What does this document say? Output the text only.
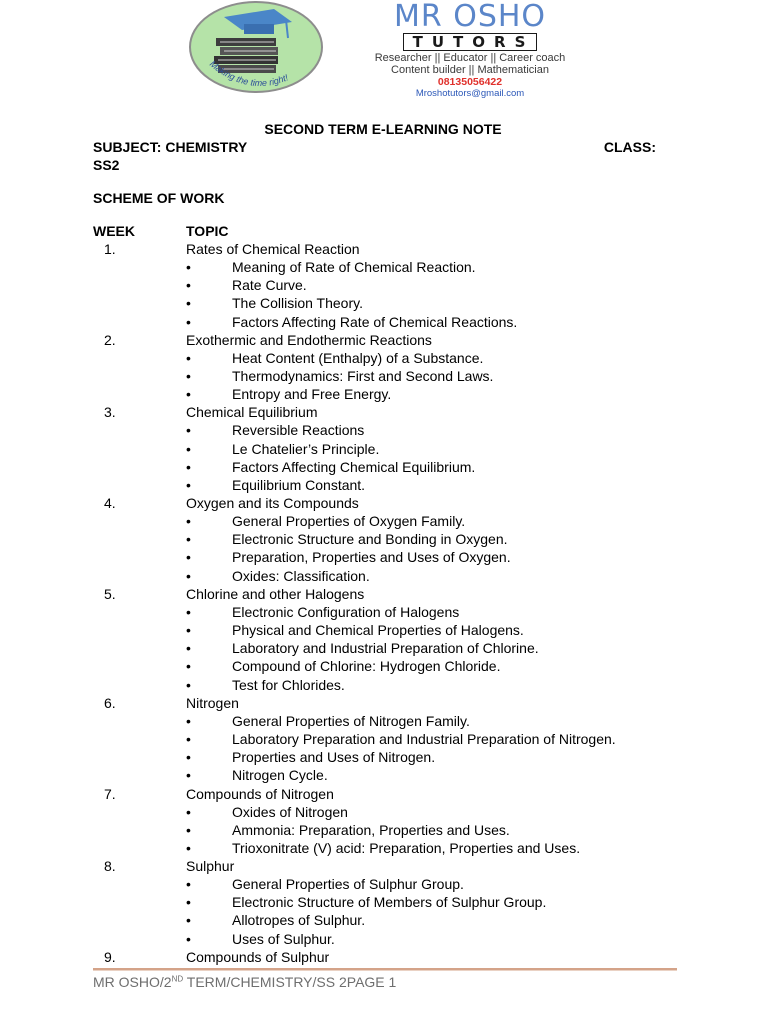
Making the time right!
MR OSHO
TUTORS
Researcher || Educator || Career coach
Content builder || Mathematician
08135056422
Mroshotutors@gmail.com
SECOND TERM E-LEARNING NOTE
SUBJECT: CHEMISTRY	CLASS:
SS2
SCHEME OF WORK
WEEK	TOPIC
1.	Rates of Chemical Reaction
•	Meaning of Rate of Chemical Reaction.
•	Rate Curve.
•	The Collision Theory.
•	Factors Affecting Rate of Chemical Reactions.
2.	Exothermic and Endothermic Reactions
•	Heat Content (Enthalpy) of a Substance.
•	Thermodynamics: First and Second Laws.
•	Entropy and Free Energy.
3.	Chemical Equilibrium
•	Reversible Reactions
•	Le Chatelier’s Principle.
•	Factors Affecting Chemical Equilibrium.
•	Equilibrium Constant.
4.	Oxygen and its Compounds
•	General Properties of Oxygen Family.
•	Electronic Structure and Bonding in Oxygen.
•	Preparation, Properties and Uses of Oxygen.
•	Oxides: Classification.
5.	Chlorine and other Halogens
•	Electronic Configuration of Halogens
•	Physical and Chemical Properties of Halogens.
•	Laboratory and Industrial Preparation of Chlorine.
•	Compound of Chlorine: Hydrogen Chloride.
•	Test for Chlorides.
6.	Nitrogen
•	General Properties of Nitrogen Family.
•	Laboratory Preparation and Industrial Preparation of Nitrogen.
•	Properties and Uses of Nitrogen.
•	Nitrogen Cycle.
7.	Compounds of Nitrogen
•	Oxides of Nitrogen
•	Ammonia: Preparation, Properties and Uses.
•	Trioxonitrate (V) acid: Preparation, Properties and Uses.
8.	Sulphur
•	General Properties of Sulphur Group.
•	Electronic Structure of Members of Sulphur Group.
•	Allotropes of Sulphur.
•	Uses of Sulphur.
9.	Compounds of Sulphur
MR OSHO/2ND TERM/CHEMISTRY/SS 2PAGE 1
